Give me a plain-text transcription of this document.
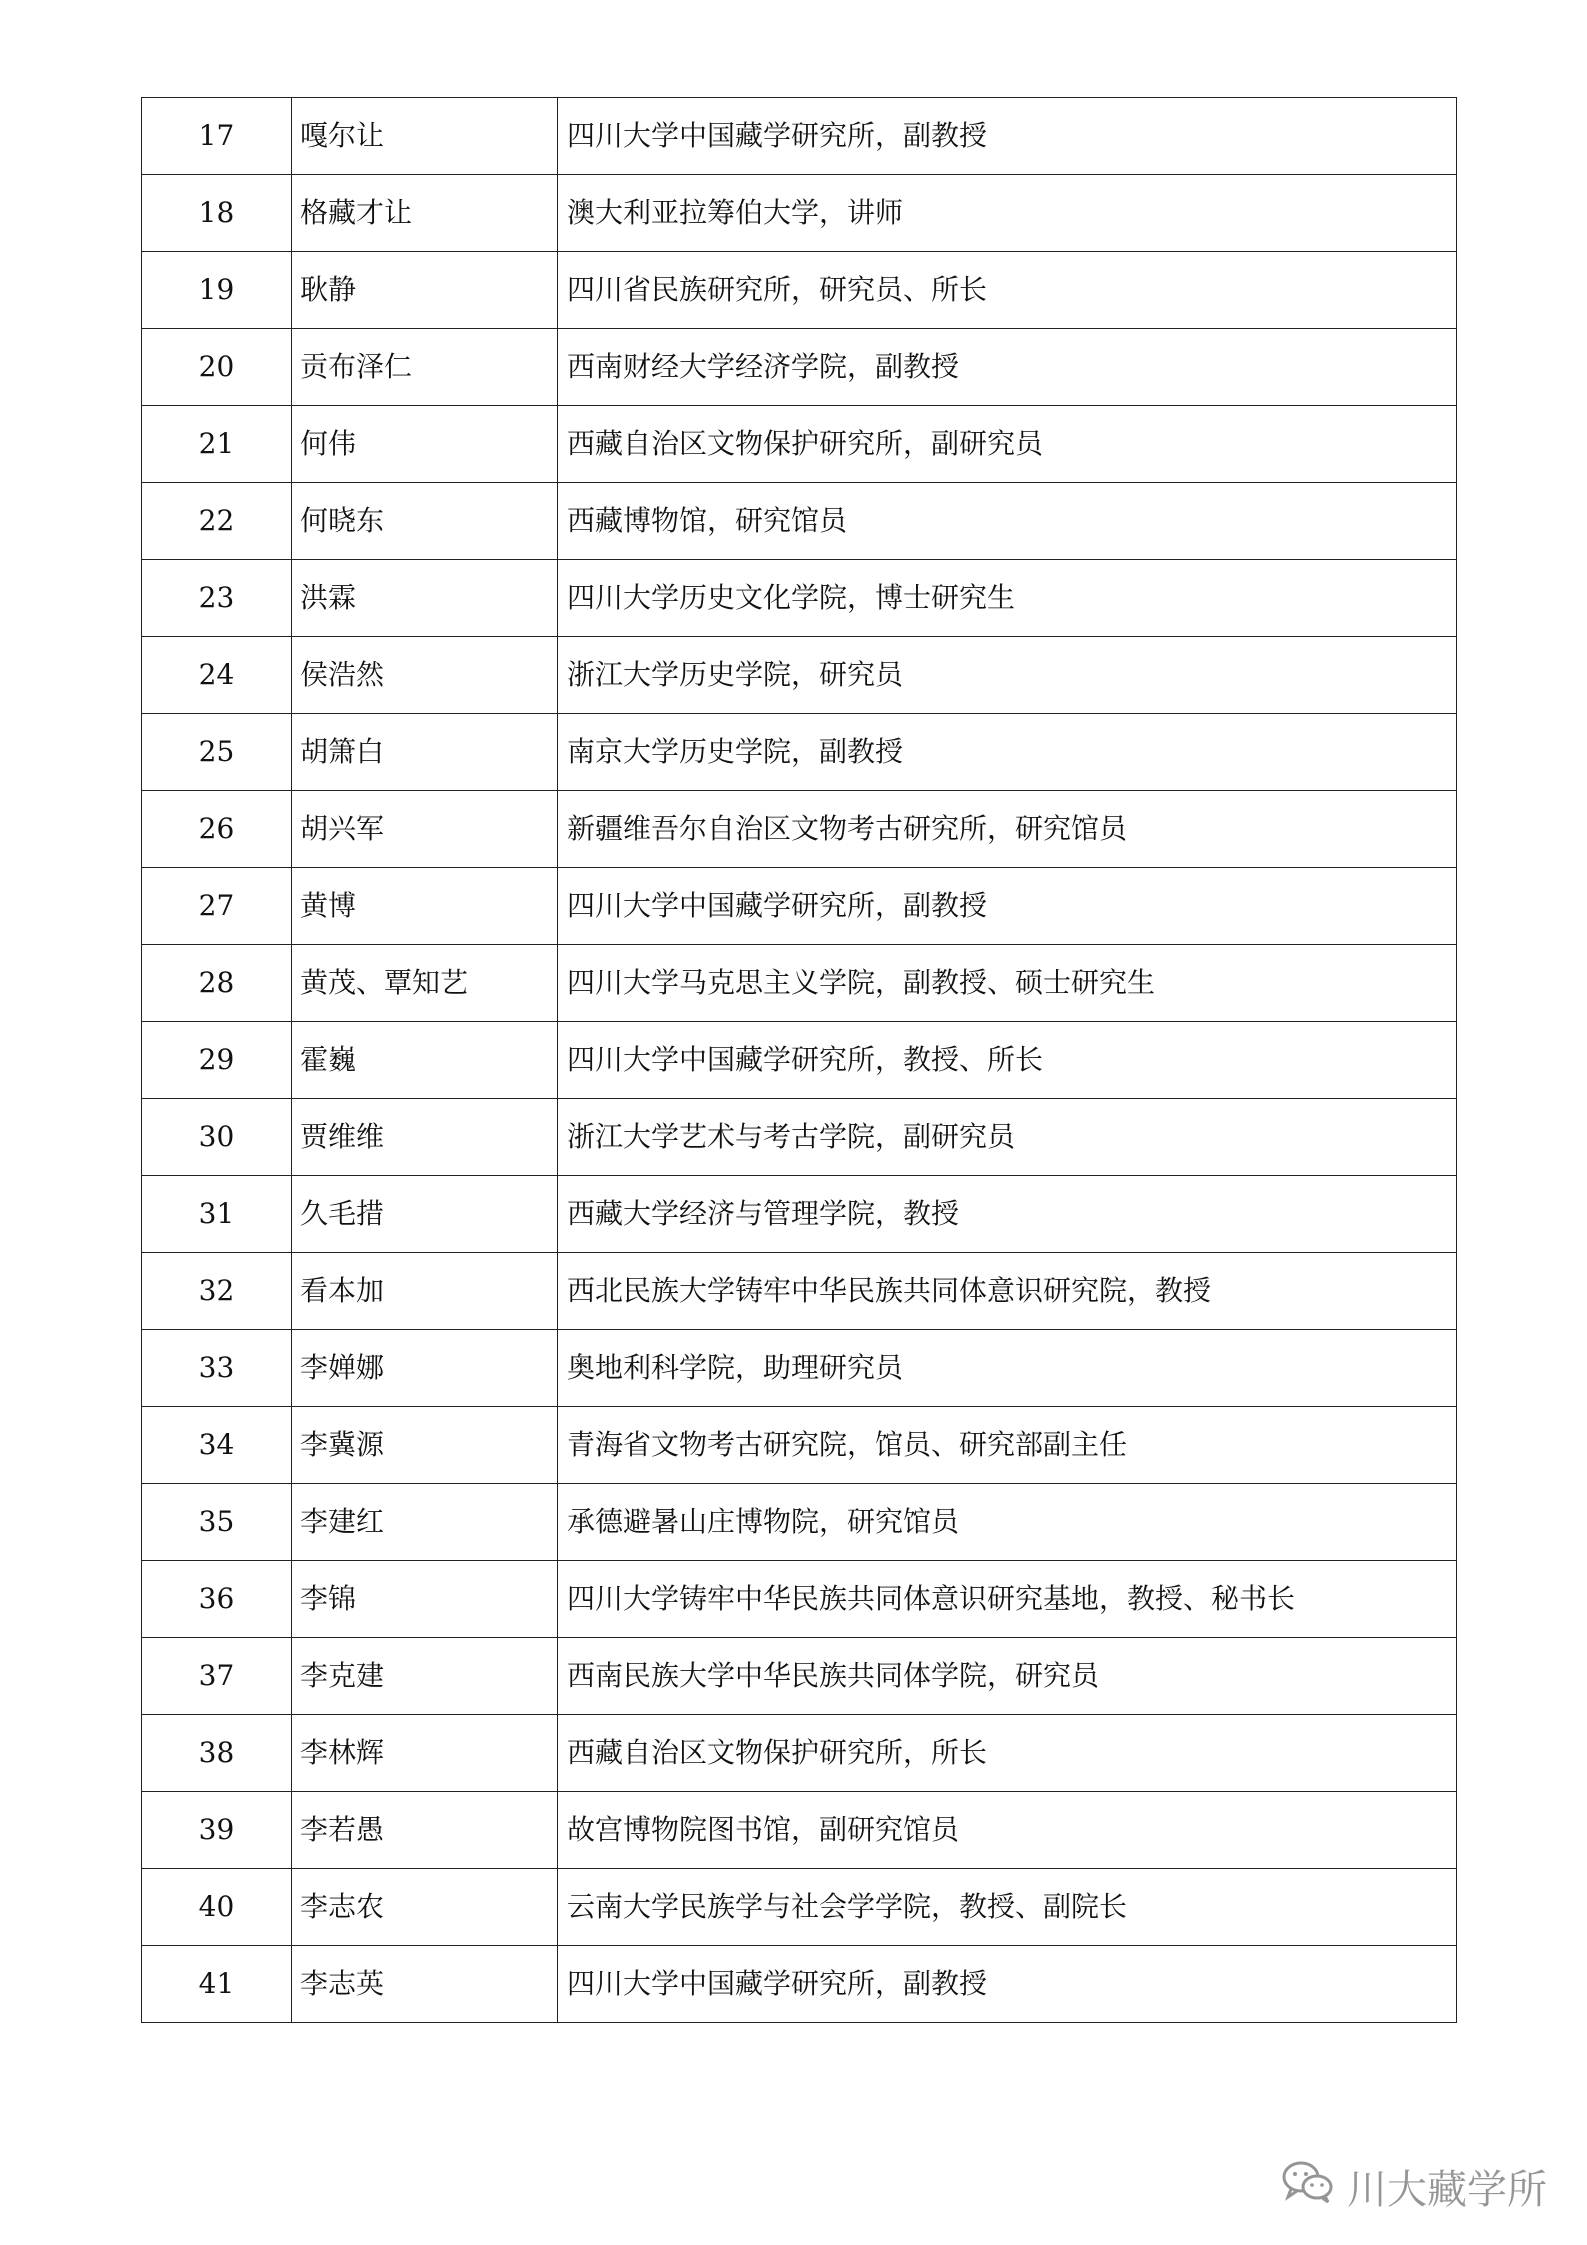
17	嘎尔让	四川大学中国藏学研究所，副教授
18	格藏才让	澳大利亚拉筹伯大学，讲师
19	耿静	四川省民族研究所，研究员、所长
20	贡布泽仁	西南财经大学经济学院，副教授
21	何伟	西藏自治区文物保护研究所，副研究员
22	何晓东	西藏博物馆，研究馆员
23	洪霖	四川大学历史文化学院，博士研究生
24	侯浩然	浙江大学历史学院，研究员
25	胡箫白	南京大学历史学院，副教授
26	胡兴军	新疆维吾尔自治区文物考古研究所，研究馆员
27	黄博	四川大学中国藏学研究所，副教授
28	黄茂、覃知艺	四川大学马克思主义学院，副教授、硕士研究生
29	霍巍	四川大学中国藏学研究所，教授、所长
30	贾维维	浙江大学艺术与考古学院，副研究员
31	久毛措	西藏大学经济与管理学院，教授
32	看本加	西北民族大学铸牢中华民族共同体意识研究院，教授
33	李婵娜	奥地利科学院，助理研究员
34	李冀源	青海省文物考古研究院，馆员、研究部副主任
35	李建红	承德避暑山庄博物院，研究馆员
36	李锦	四川大学铸牢中华民族共同体意识研究基地，教授、秘书长
37	李克建	西南民族大学中华民族共同体学院，研究员
38	李林辉	西藏自治区文物保护研究所，所长
39	李若愚	故宫博物院图书馆，副研究馆员
40	李志农	云南大学民族学与社会学学院，教授、副院长
41	李志英	四川大学中国藏学研究所，副教授
川大藏学所
